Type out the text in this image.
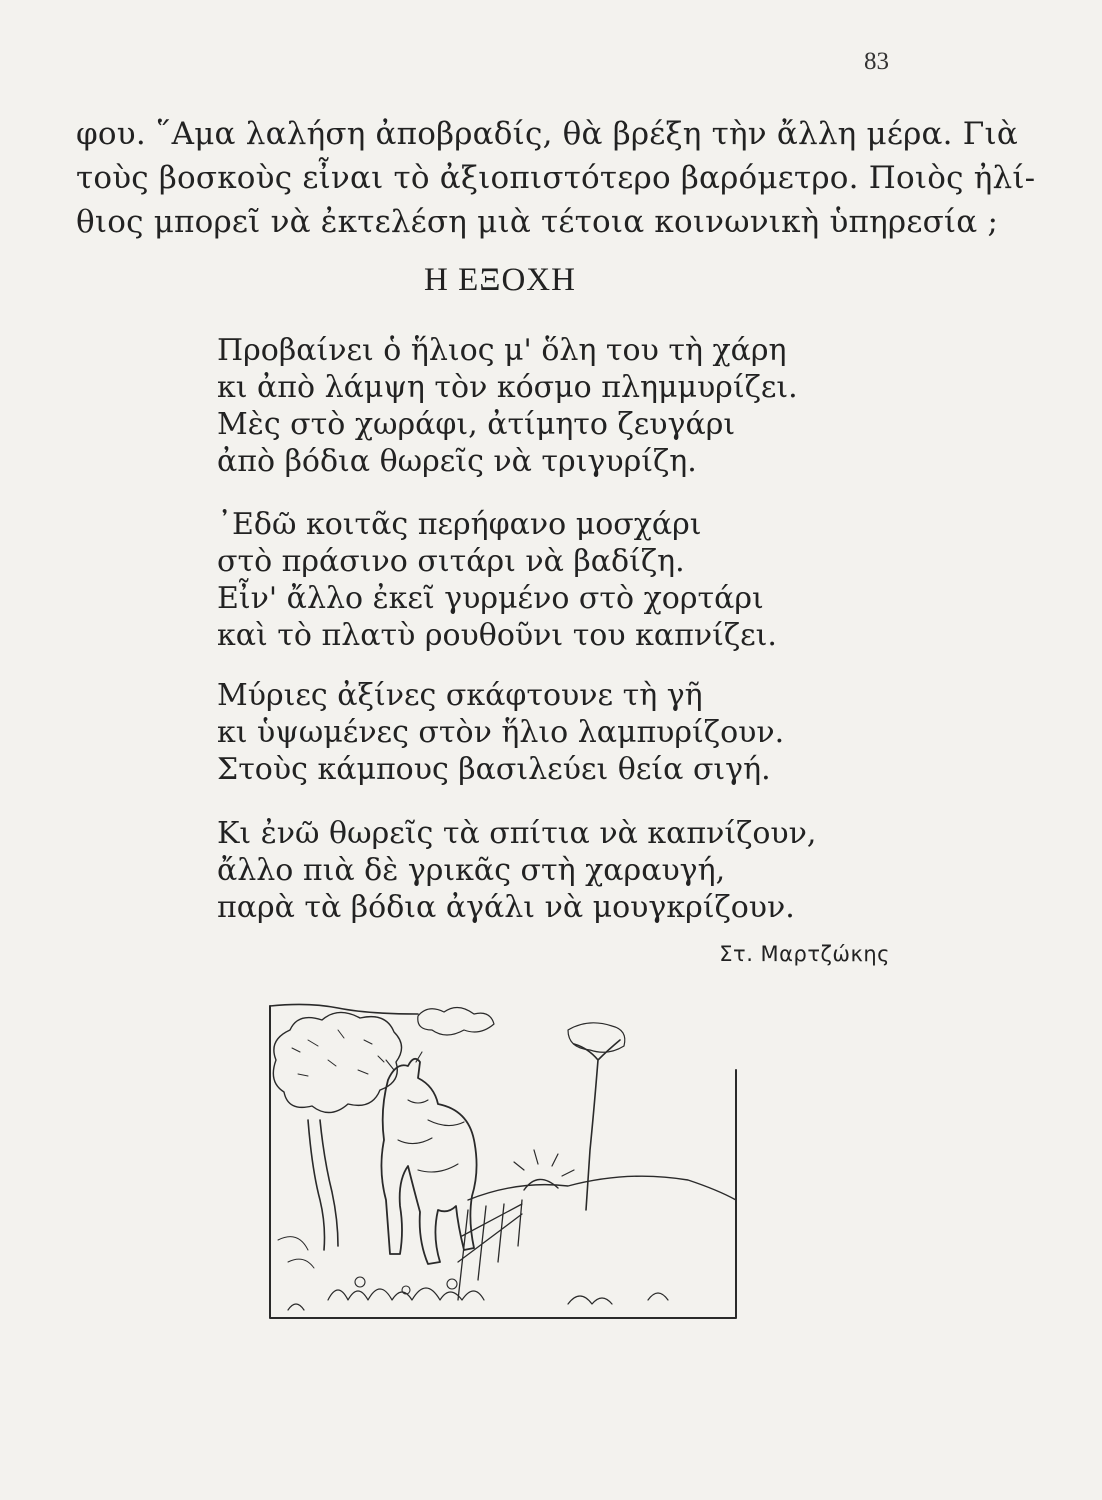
83
φου. ῞Αμα λαλήση ἀποβραδίς, θὰ βρέξη τὴν ἄλλη μέρα. Γιὰ
τοὺς βοσκοὺς εἶναι τὸ ἀξιοπιστότερο βαρόμετρο. Ποιὸς ἠλί-
θιος μπορεῖ νὰ ἐκτελέση μιὰ τέτοια κοινωνικὴ ὑπηρεσία ;
Η ΕΞΟΧΗ
Προβαίνει ὁ ἥλιος μ' ὅλη του τὴ χάρη
κι ἀπὸ λάμψη τὸν κόσμο πλημμυρίζει.
Μὲς στὸ χωράφι, ἀτίμητο ζευγάρι
ἀπὸ βόδια θωρεῖς νὰ τριγυρίζη.
᾿Εδῶ κοιτᾶς περήφανο μοσχάρι
στὸ πράσινο σιτάρι νὰ βαδίζη.
Εἶν' ἄλλο ἐκεῖ γυρμένο στὸ χορτάρι
καὶ τὸ πλατὺ ρουθοῦνι του καπνίζει.
Μύριες ἀξίνες σκάφτουνε τὴ γῆ
κι ὑψωμένες στὸν ἥλιο λαμπυρίζουν.
Στοὺς κάμπους βασιλεύει θεία σιγή.
Κι ἐνῶ θωρεῖς τὰ σπίτια νὰ καπνίζουν,
ἄλλο πιὰ δὲ γρικᾶς στὴ χαραυγή,
παρὰ τὰ βόδια ἀγάλι νὰ μουγκρίζουν.
Στ. Μαρτζώκης
